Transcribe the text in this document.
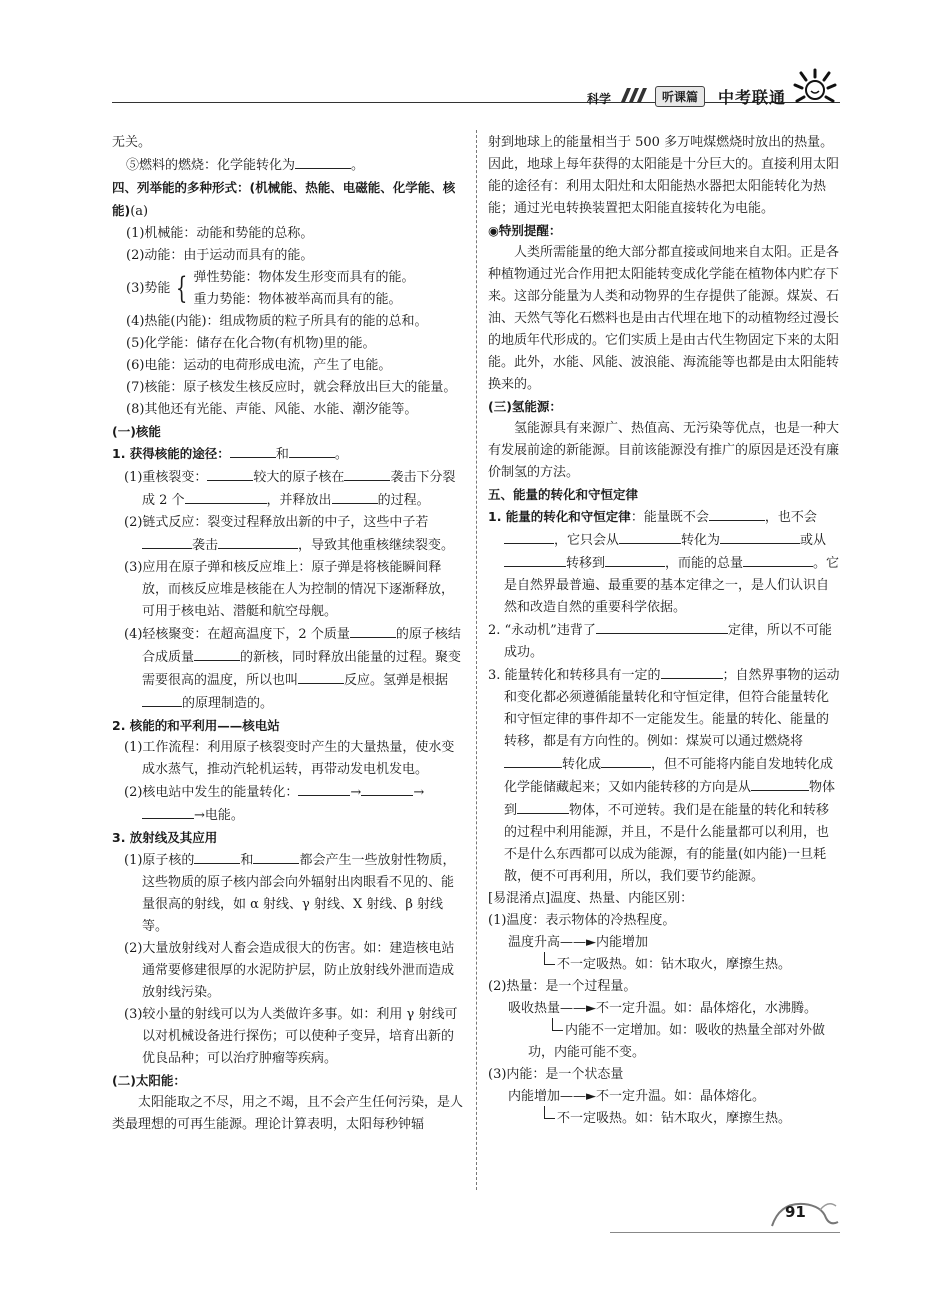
科学	听课篇	中考联通

无关。

⑤燃料的燃烧：化学能转化为	。

四、列举能的多种形式：(机械能、热能、电磁能、化学能、核能)(a)

(1)机械能：动能和势能的总称。

(2)动能：由于运动而具有的能。

(3)势能 { 弹性势能：物体发生形变而具有的能。
重力势能：物体被举高而具有的能。

(4)热能(内能)：组成物质的粒子所具有的能的总和。

(5)化学能：储存在化合物(有机物)里的能。

(6)电能：运动的电荷形成电流，产生了电能。

(7)核能：原子核发生核反应时，就会释放出巨大的能量。

(8)其他还有光能、声能、风能、水能、潮汐能等。

(一)核能

1. 获得核能的途径：	和	。

(1)重核裂变：	较大的原子核在	袭击下分裂成 2 个	，并释放出	的过程。

(2)链式反应：裂变过程释放出新的中子，这些中子若袭击	，导致其他重核继续裂变。

(3)应用在原子弹和核反应堆上：原子弹是将核能瞬间释放，而核反应堆是核能在人为控制的情况下逐渐释放，可用于核电站、潜艇和航空母舰。

(4)轻核聚变：在超高温度下，2 个质量	的原子核结合成质量	的新核，同时释放出能量的过程。聚变需要很高的温度，所以也叫	反应。氢弹是根据的原理制造的。

2. 核能的和平利用——核电站

(1)工作流程：利用原子核裂变时产生的大量热量，使水变成水蒸气，推动汽轮机运转，再带动发电机发电。

(2)核电站中发生的能量转化：	→	→
→电能。

3. 放射线及其应用

(1)原子核的	和	都会产生一些放射性物质，这些物质的原子核内部会向外辐射出肉眼看不见的、能量很高的射线，如 α 射线、γ 射线、X 射线、β 射线等。

(2)大量放射线对人畜会造成很大的伤害。如：建造核电站通常要修建很厚的水泥防护层，防止放射线外泄而造成放射线污染。

(3)较小量的射线可以为人类做许多事。如：利用 γ 射线可以对机械设备进行探伤；可以使种子变异，培育出新的优良品种；可以治疗肿瘤等疾病。

(二)太阳能：

太阳能取之不尽，用之不竭，且不会产生任何污染，是人类最理想的可再生能源。理论计算表明，太阳每秒钟辐

射到地球上的能量相当于 500 多万吨煤燃烧时放出的热量。因此，地球上每年获得的太阳能是十分巨大的。直接利用太阳能的途径有：利用太阳灶和太阳能热水器把太阳能转化为热能；通过光电转换装置把太阳能直接转化为电能。

◉特别提醒：

人类所需能量的绝大部分都直接或间地来自太阳。正是各种植物通过光合作用把太阳能转变成化学能在植物体内贮存下来。这部分能量为人类和动物界的生存提供了能源。煤炭、石油、天然气等化石燃料也是由古代埋在地下的动植物经过漫长的地质年代形成的。它们实质上是由古代生物固定下来的太阳能。此外，水能、风能、波浪能、海流能等也都是由太阳能转换来的。

(三)氢能源：

氢能源具有来源广、热值高、无污染等优点，也是一种大有发展前途的新能源。目前该能源没有推广的原因是还没有廉价制氢的方法。

五、能量的转化和守恒定律

1. 能量的转化和守恒定律：能量既不会	，也不会，它只会从	转化为	或从转移到	，而能的总量	。它是自然界最普遍、最重要的基本定律之一，是人们认识自然和改造自然的重要科学依据。

2. “永动机”违背了	定律，所以不可能成功。

3. 能量转化和转移具有一定的	；自然界事物的运动和变化都必须遵循能量转化和守恒定律，但符合能量转化和守恒定律的事件却不一定能发生。能量的转化、能量的转移，都是有方向性的。例如：煤炭可以通过燃烧将转化成	，但不可能将内能自发地转化成化学能储藏起来；又如内能转移的方向是从	物体到	物体，不可逆转。我们是在能量的转化和转移的过程中利用能源，并且，不是什么能量都可以利用，也不是什么东西都可以成为能源，有的能量(如内能)一旦耗散，便不可再利用，所以，我们要节约能源。

[易混淆点]温度、热量、内能区别：

(1)温度：表示物体的冷热程度。

温度升高——►内能增加

不一定吸热。如：钻木取火，摩擦生热。

(2)热量：是一个过程量。

吸收热量——►不一定升温。如：晶体熔化，水沸腾。

内能不一定增加。如：吸收的热量全部对外做功，内能可能不变。

(3)内能：是一个状态量

内能增加——►不一定升温。如：晶体熔化。

不一定吸热。如：钻木取火，摩擦生热。

91
